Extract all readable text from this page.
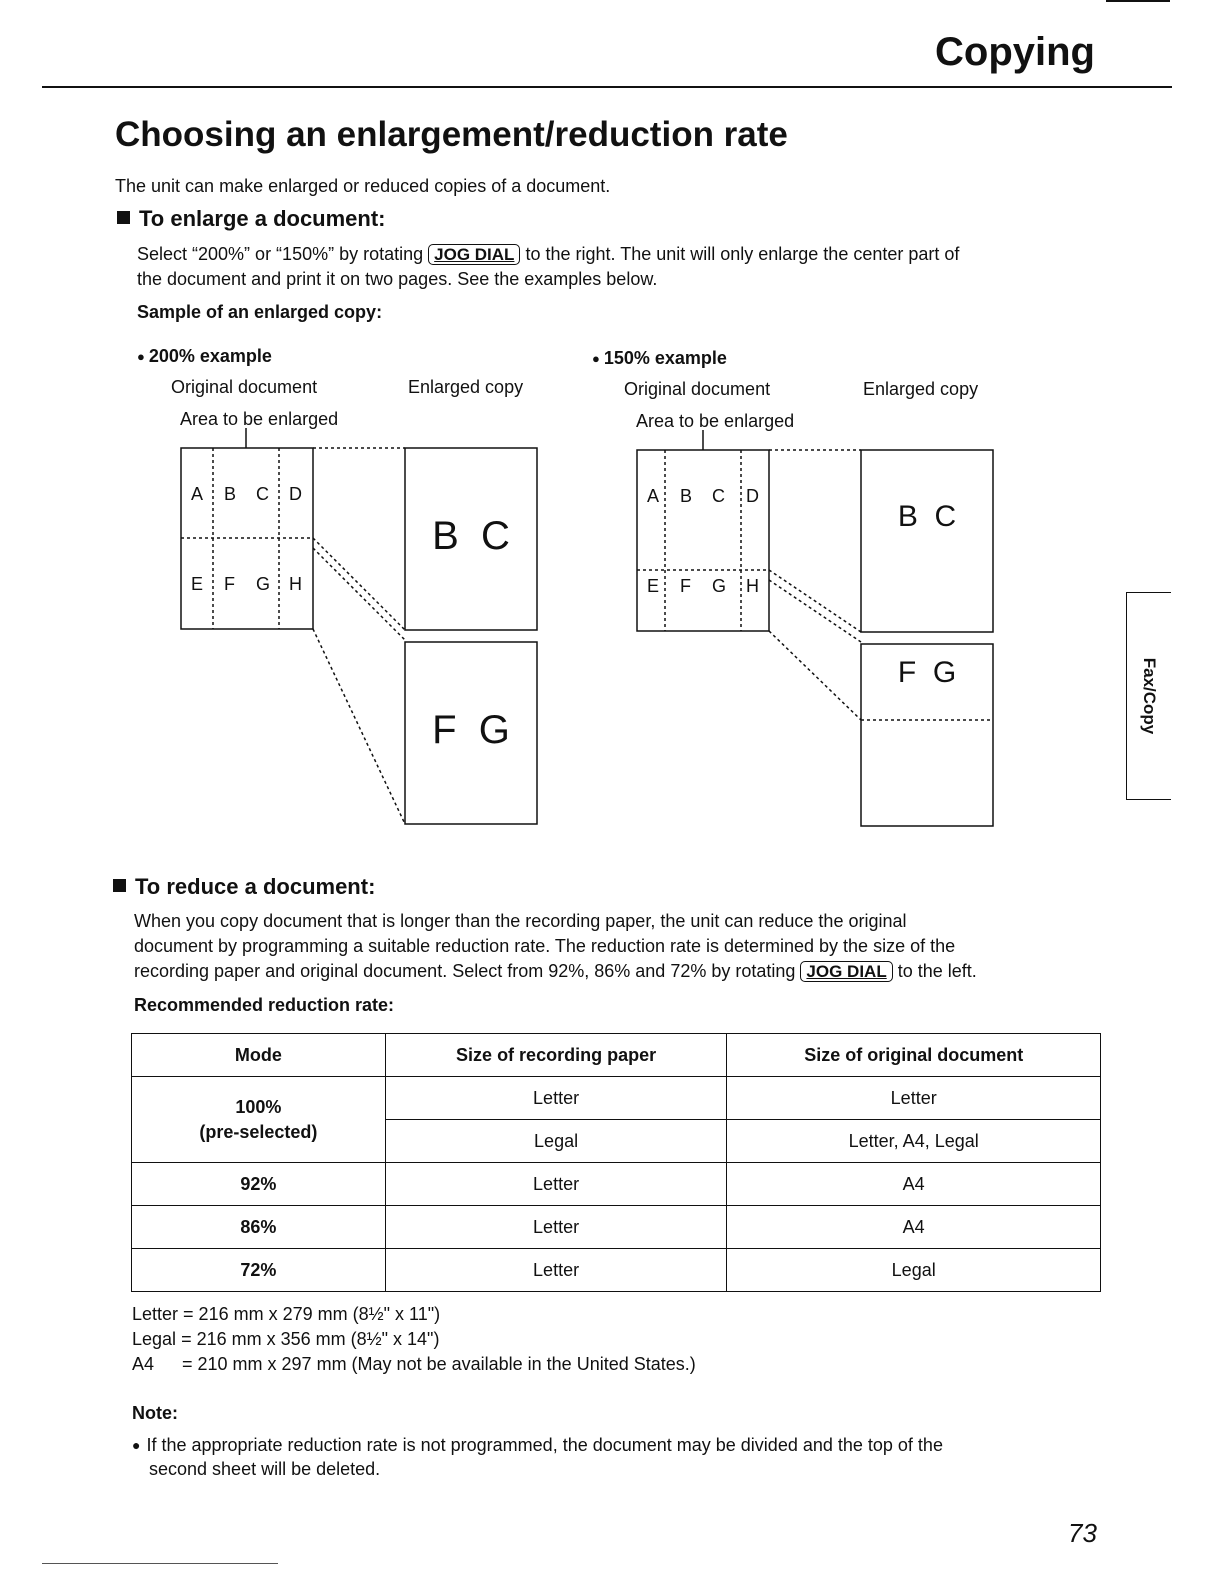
Copying
Choosing an enlargement/reduction rate
The unit can make enlarged or reduced copies of a document.
To enlarge a document:
Select “200%” or “150%” by rotating JOG DIAL to the right. The unit will only enlarge the center part of
the document and print it on two pages. See the examples below.
Sample of an enlarged copy:
● 200% example
Original document	Enlarged copy
Area to be enlarged
● 150% example
Original document	Enlarged copy
Area to be enlarged
A B C D
E F G H
B  C
F  G
A B C D
E F G H
B  C
F  G	Fax/Copy
To reduce a document:
When you copy document that is longer than the recording paper, the unit can reduce the original
document by programming a suitable reduction rate. The reduction rate is determined by the size of the
recording paper and original document. Select from 92%, 86% and 72% by rotating JOG DIAL to the left.
Recommended reduction rate:
Mode	Size of recording paper	Size of original document

100%
(pre-selected)	Letter	Letter
	Legal	Letter, A4, Legal
92%	Letter	A4
86%	Letter	A4
72%	Letter	Legal
Letter = 216 mm x 279 mm (8½" x 11")
Legal = 216 mm x 356 mm (8½" x 14")
A4 = 210 mm x 297 mm (May not be available in the United States.)
Note:
● If the appropriate reduction rate is not programmed, the document may be divided and the top of the
second sheet will be deleted.
73
